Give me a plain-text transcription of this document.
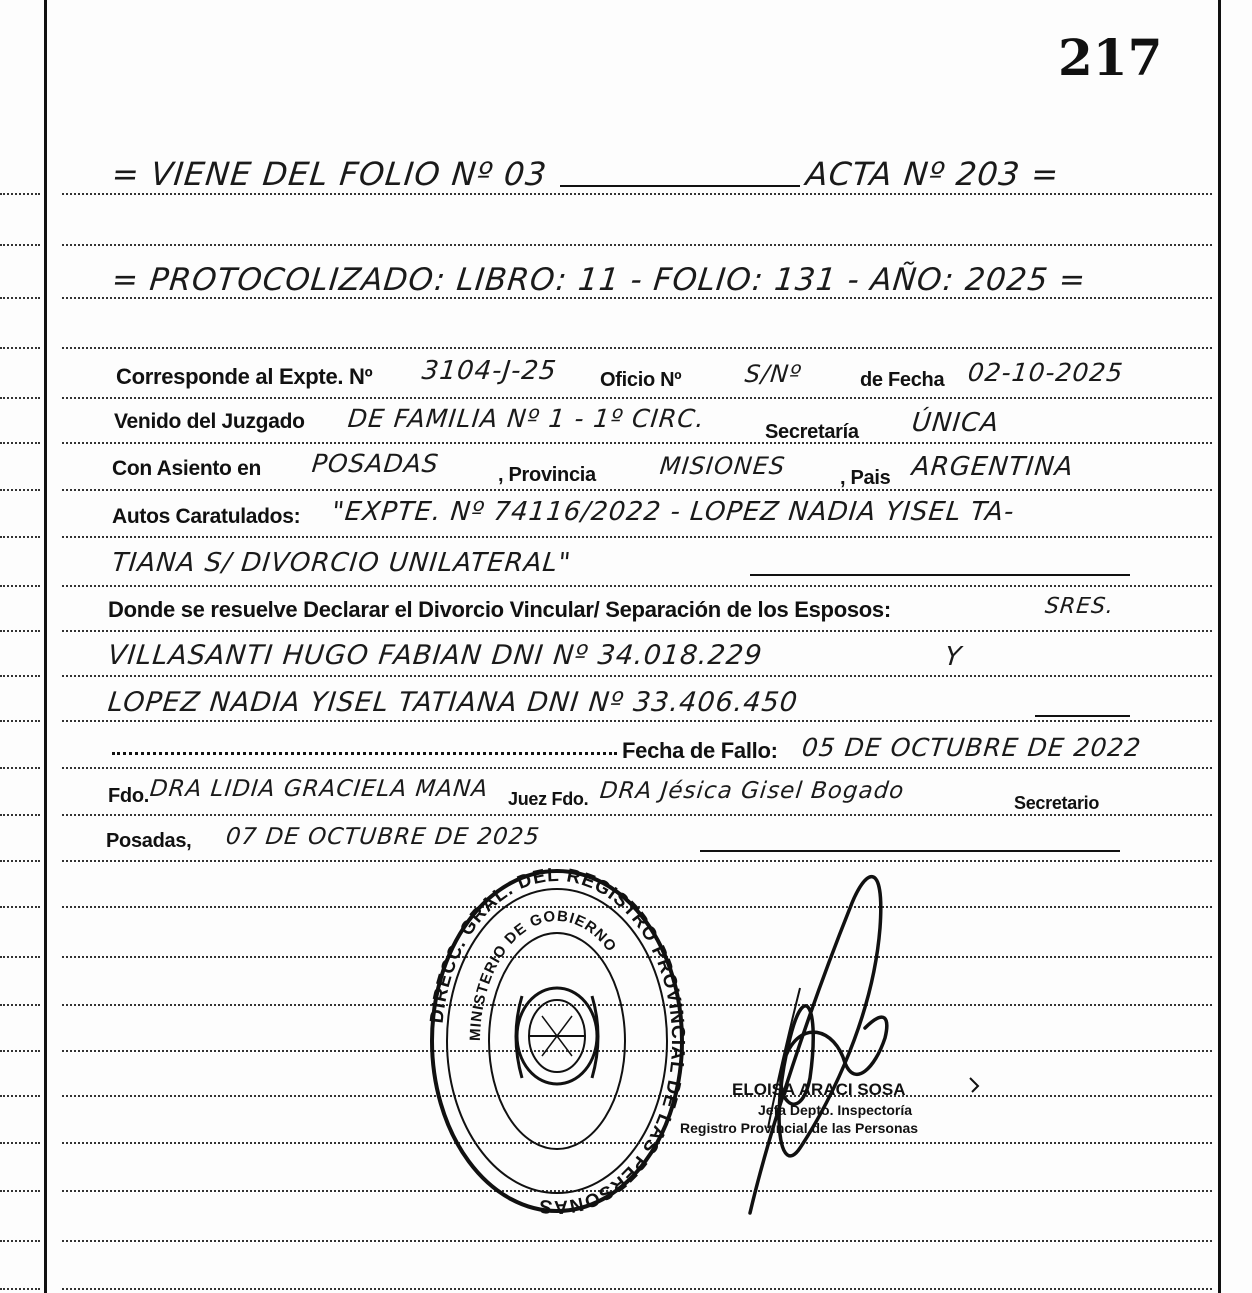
217
= VIENE DEL FOLIO Nº 03	ACTA Nº 203 =
= PROTOCOLIZADO: LIBRO: 11 - FOLIO: 131 - AÑO: 2025 =
Corresponde al Expte. Nº 3104-J-25 Oficio Nº	S/Nº	de Fecha 02-10-2025
Venido del Juzgado DE FAMILIA Nº 1 - 1º CIRC.	Secretaría ÚNICA
Con Asiento en POSADAS	, Provincia	MISIONES	, Pais ARGENTINA
Autos Caratulados: "EXPTE. Nº 74116/2022 - LOPEZ NADIA YISEL TA-
TIANA S/ DIVORCIO UNILATERAL"
Donde se resuelve Declarar el Divorcio Vincular/ Separación de los Esposos:	SRES.
VILLASANTI HUGO FABIAN DNI Nº 34.018.229	Y
LOPEZ NADIA YISEL TATIANA DNI Nº 33.406.450
Fecha de Fallo: 05 DE OCTUBRE DE 2022
Fdo. DRA LIDIA GRACIELA MANA Juez Fdo. DRA Jésica Gisel Bogado	Secretario
Posadas, 07 DE OCTUBRE DE 2025
DIRECC. GRAL. DEL REGISTRO PROVINCIAL DE LAS PERSONAS
MINISTERIO DE GOBIERNO
ELOISA ARACI SOSA
Jefa Depto. Inspectoría
Registro Provincial de las Personas
